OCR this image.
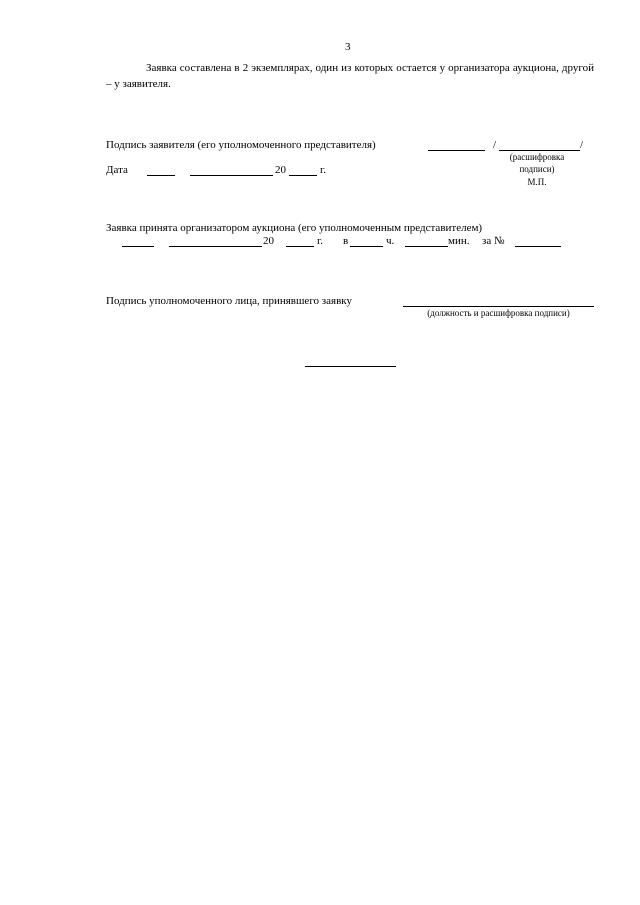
3
Заявка составлена в 2 экземплярах, один из которых остается у организатора аукциона, другой – у заявителя.
Подпись заявителя (его уполномоченного представителя)	/	/
(расшифровка
подписи)
М.П.
Дата	20	г.
Заявка принята организатором аукциона (его уполномоченным представителем)
20	г. в	ч.	мин. за №
Подпись уполномоченного лица, принявшего заявку
(должность и расшифровка подписи)
